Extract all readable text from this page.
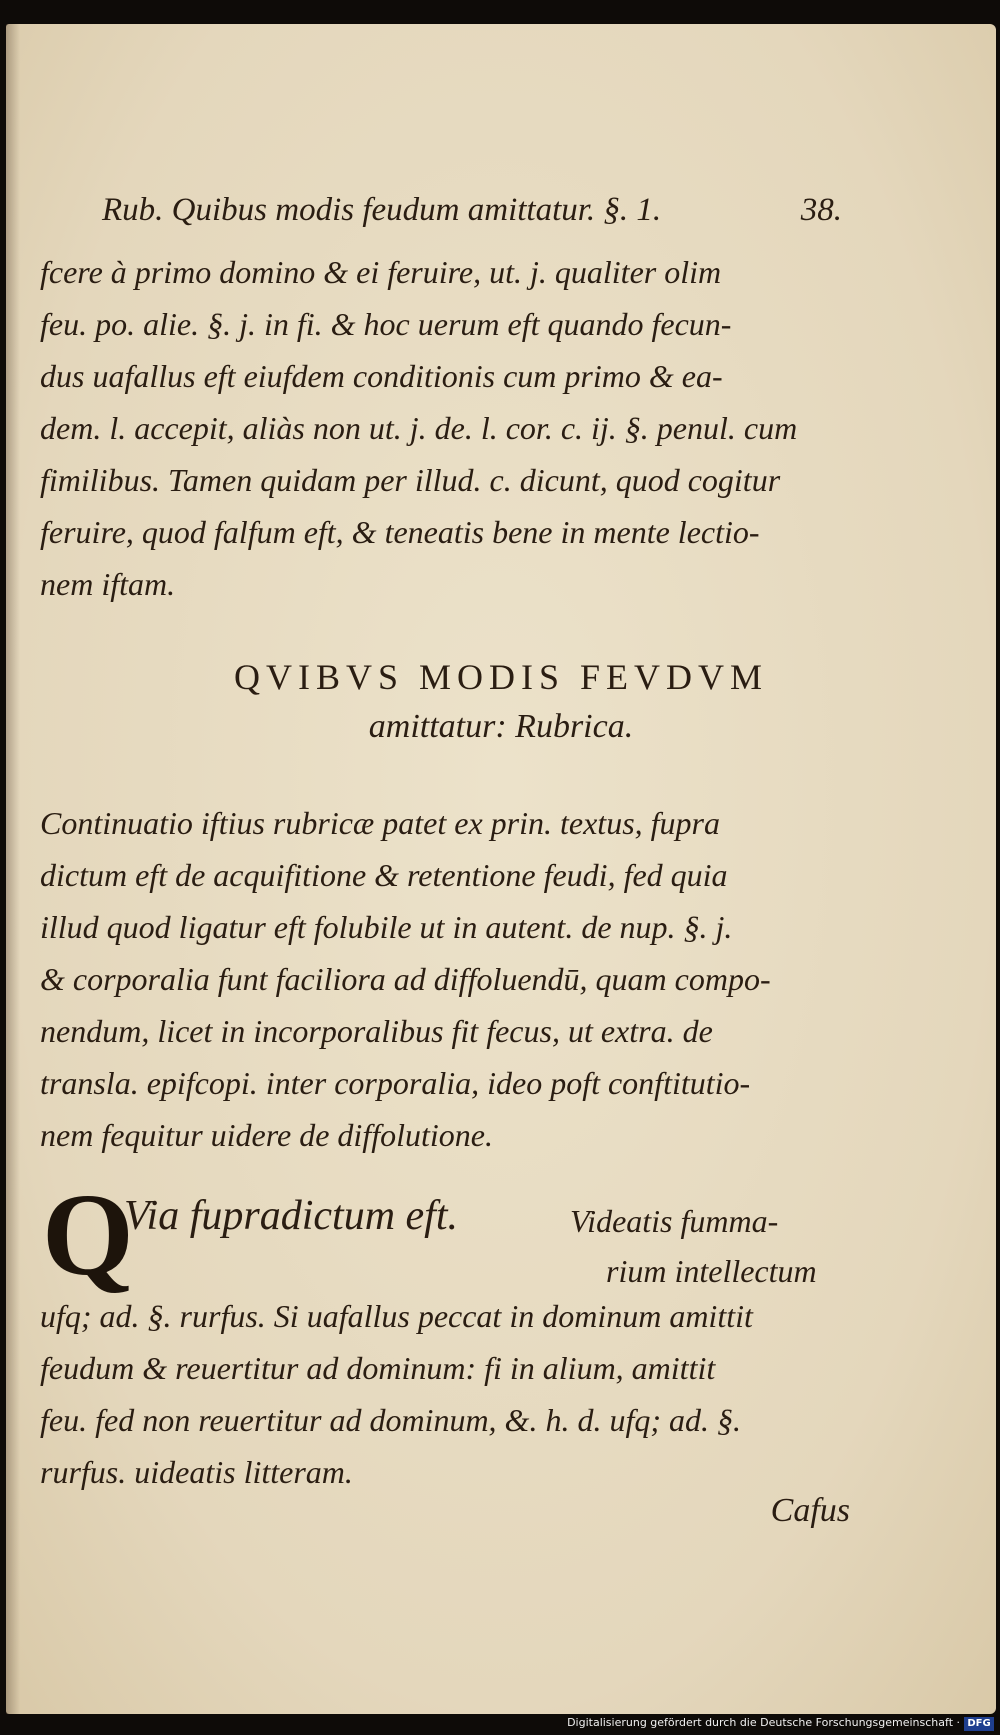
Rub. Quibus modis feudum amittatur. §. 1.	38.
fcere à primo domino & ei feruire, ut. j. qualiter olim
feu. po. alie. §. j. in fi. & hoc uerum eft quando fecun-
dus uafallus eft eiufdem conditionis cum primo & ea-
dem. l. accepit, aliàs non ut. j. de. l. cor. c. ij. §. penul. cum
fimilibus. Tamen quidam per illud. c. dicunt, quod cogitur
feruire, quod falfum eft, & teneatis bene in mente lectio-
nem iftam.
QVIBVS MODIS FEVDVM
amittatur: Rubrica.
Continuatio iftius rubricæ patet ex prin. textus, fupra
dictum eft de acquifitione & retentione feudi, fed quia
illud quod ligatur eft folubile ut in autent. de nup. §. j.
& corporalia funt faciliora ad diffoluendū, quam compo-
nendum, licet in incorporalibus fit fecus, ut extra. de
transla. epifcopi. inter corporalia, ideo poft conftitutio-
nem fequitur uidere de diffolutione.
Q
Via fupradictum eft.	Videatis fumma-
rium intellectum
ufq; ad. §. rurfus. Si uafallus peccat in dominum amittit
feudum & reuertitur ad dominum: fi in alium, amittit
feu. fed non reuertitur ad dominum, &. h. d. ufq; ad. §.
rurfus. uideatis litteram.
Cafus
Digitalisierung gefördert durch die Deutsche Forschungsgemeinschaft · DFG
